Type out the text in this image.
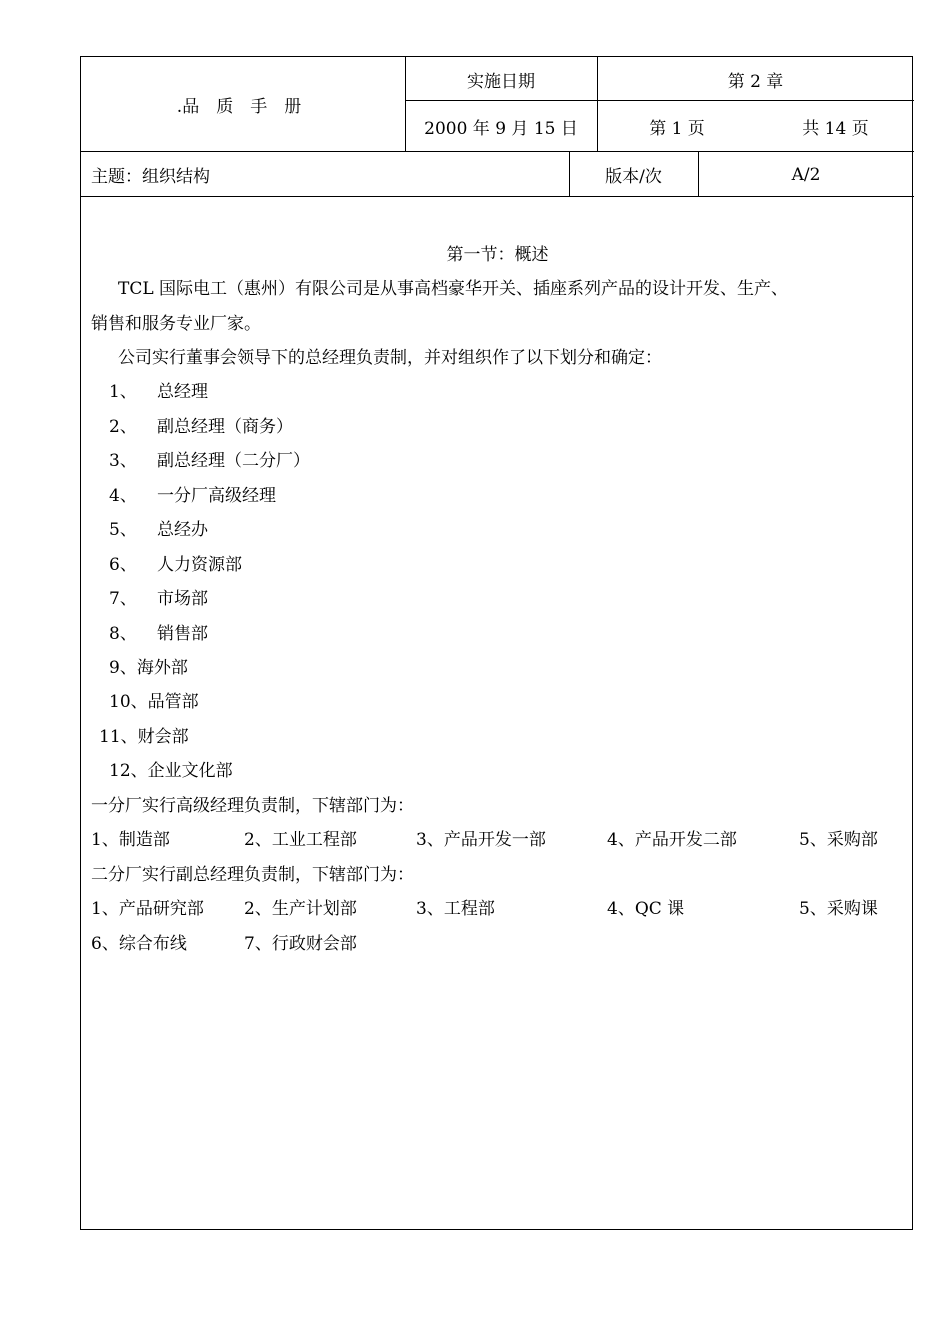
.品　质　手　册
实施日期
2000 年 9 月 15 日
第 2 章
第 1 页	共 14 页
主题：组织结构	版本/次	A/2
第一节：概述
TCL 国际电工（惠州）有限公司是从事高档豪华开关、插座系列产品的设计开发、生产、
销售和服务专业厂家。
公司实行董事会领导下的总经理负责制，并对组织作了以下划分和确定：
1、 总经理
2、 副总经理（商务）
3、 副总经理（二分厂）
4、 一分厂高级经理
5、 总经办
6、 人力资源部
7、 市场部
8、 销售部
9、海外部
10、品管部
11、财会部
12、企业文化部
一分厂实行高级经理负责制，下辖部门为：
1、制造部	2、工业工程部	3、产品开发一部	4、产品开发二部	5、采购部
二分厂实行副总经理负责制，下辖部门为：
1、产品研究部 2、生产计划部	3、工程部	4、QC 课	5、采购课
6、综合布线	7、行政财会部
